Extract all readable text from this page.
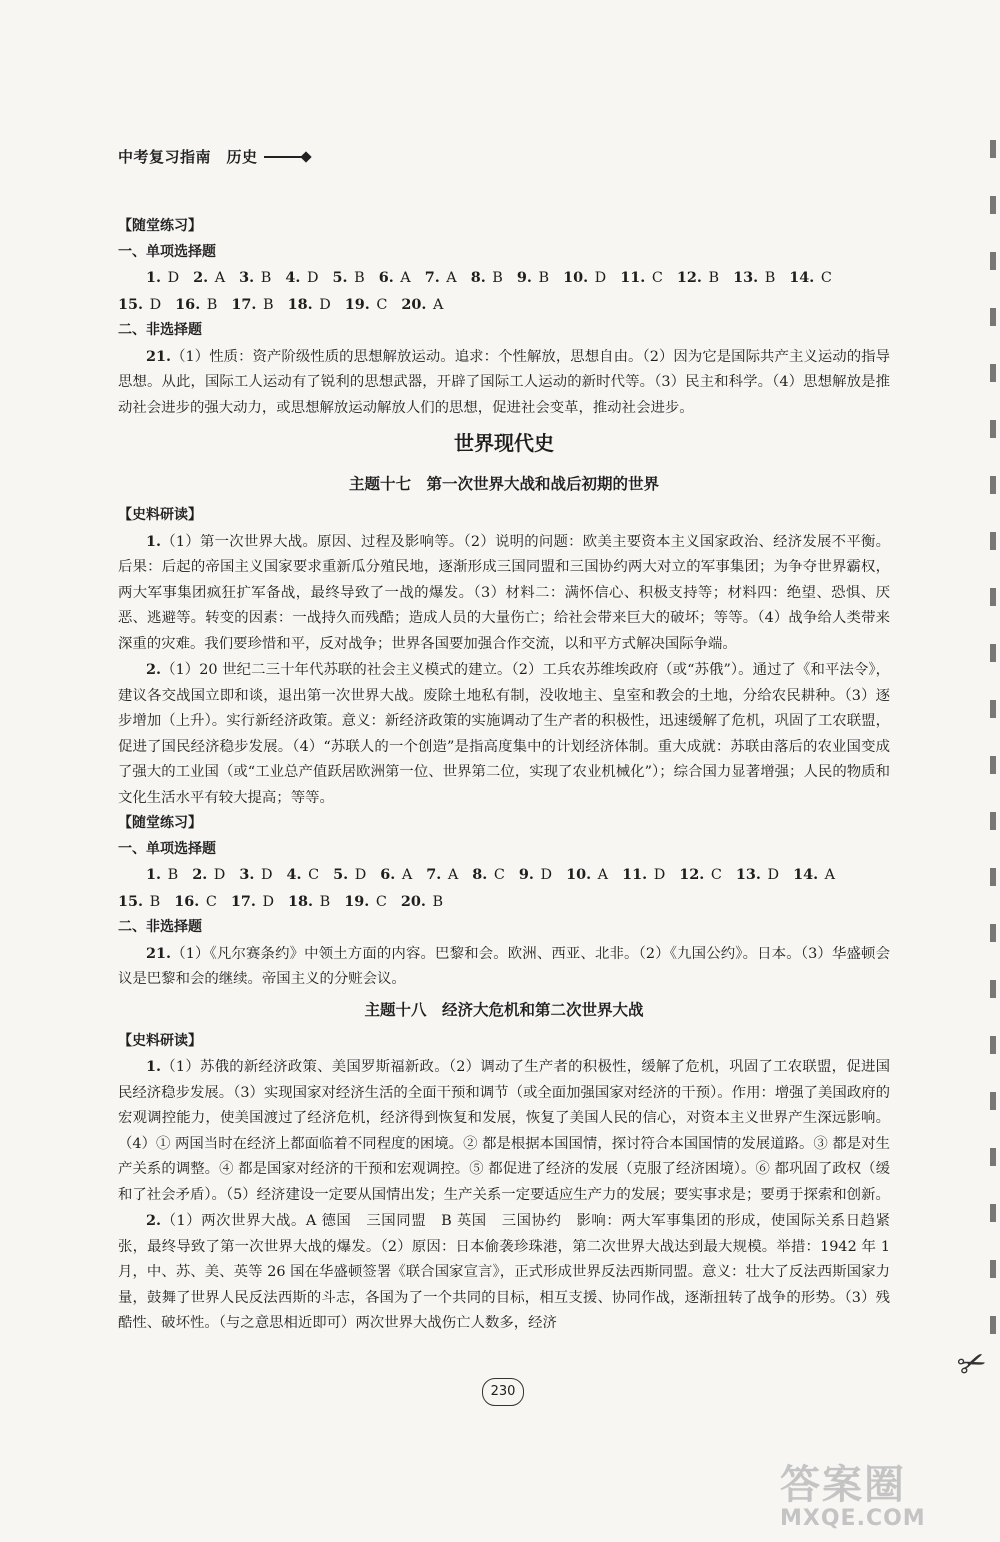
中考复习指南　历史

【随堂练习】

一、单项选择题

1. D 2. A 3. B 4. D 5. B 6. A 7. A 8. B 9. B 10. D 11. C 12. B 13. B 14. C
15. D 16. B 17. B 18. D 19. C 20. A

二、非选择题

21.（1）性质：资产阶级性质的思想解放运动。追求：个性解放，思想自由。（2）因为它是国际共产主义运动的指导思想。从此，国际工人运动有了锐利的思想武器，开辟了国际工人运动的新时代等。（3）民主和科学。（4）思想解放是推动社会进步的强大动力，或思想解放运动解放人们的思想，促进社会变革，推动社会进步。

世界现代史
主题十七　第一次世界大战和战后初期的世界

【史料研读】

1.（1）第一次世界大战。原因、过程及影响等。（2）说明的问题：欧美主要资本主义国家政治、经济发展不平衡。后果：后起的帝国主义国家要求重新瓜分殖民地，逐渐形成三国同盟和三国协约两大对立的军事集团；为争夺世界霸权，两大军事集团疯狂扩军备战，最终导致了一战的爆发。（3）材料二：满怀信心、积极支持等；材料四：绝望、恐惧、厌恶、逃避等。转变的因素：一战持久而残酷；造成人员的大量伤亡；给社会带来巨大的破坏；等等。（4）战争给人类带来深重的灾难。我们要珍惜和平，反对战争；世界各国要加强合作交流，以和平方式解决国际争端。

2.（1）20 世纪二三十年代苏联的社会主义模式的建立。（2）工兵农苏维埃政府（或“苏俄”）。通过了《和平法令》，建议各交战国立即和谈，退出第一次世界大战。废除土地私有制，没收地主、皇室和教会的土地，分给农民耕种。（3）逐步增加（上升）。实行新经济政策。意义：新经济政策的实施调动了生产者的积极性，迅速缓解了危机，巩固了工农联盟，促进了国民经济稳步发展。（4）“苏联人的一个创造”是指高度集中的计划经济体制。重大成就：苏联由落后的农业国变成了强大的工业国（或“工业总产值跃居欧洲第一位、世界第二位，实现了农业机械化”）；综合国力显著增强；人民的物质和文化生活水平有较大提高；等等。

【随堂练习】

一、单项选择题

1. B 2. D 3. D 4. C 5. D 6. A 7. A 8. C 9. D 10. A 11. D 12. C 13. D 14. A
15. B 16. C 17. D 18. B 19. C 20. B

二、非选择题

21.（1）《凡尔赛条约》中领土方面的内容。巴黎和会。欧洲、西亚、北非。（2）《九国公约》。日本。（3）华盛顿会议是巴黎和会的继续。帝国主义的分赃会议。

主题十八　经济大危机和第二次世界大战

【史料研读】

1.（1）苏俄的新经济政策、美国罗斯福新政。（2）调动了生产者的积极性，缓解了危机，巩固了工农联盟，促进国民经济稳步发展。（3）实现国家对经济生活的全面干预和调节（或全面加强国家对经济的干预）。作用：增强了美国政府的宏观调控能力，使美国渡过了经济危机，经济得到恢复和发展，恢复了美国人民的信心，对资本主义世界产生深远影响。（4）① 两国当时在经济上都面临着不同程度的困境。② 都是根据本国国情，探讨符合本国国情的发展道路。③ 都是对生产关系的调整。④ 都是国家对经济的干预和宏观调控。⑤ 都促进了经济的发展（克服了经济困境）。⑥ 都巩固了政权（缓和了社会矛盾）。（5）经济建设一定要从国情出发；生产关系一定要适应生产力的发展；要实事求是；要勇于探索和创新。

2.（1）两次世界大战。A 德国　三国同盟　B 英国　三国协约　影响：两大军事集团的形成，使国际关系日趋紧张，最终导致了第一次世界大战的爆发。（2）原因：日本偷袭珍珠港，第二次世界大战达到最大规模。举措：1942 年 1 月，中、苏、美、英等 26 国在华盛顿签署《联合国家宣言》，正式形成世界反法西斯同盟。意义：壮大了反法西斯国家力量，鼓舞了世界人民反法西斯的斗志，各国为了一个共同的目标，相互支援、协同作战，逐渐扭转了战争的形势。（3）残酷性、破坏性。（与之意思相近即可）两次世界大战伤亡人数多，经济

230
✂
答案圈
MXQE.COM
